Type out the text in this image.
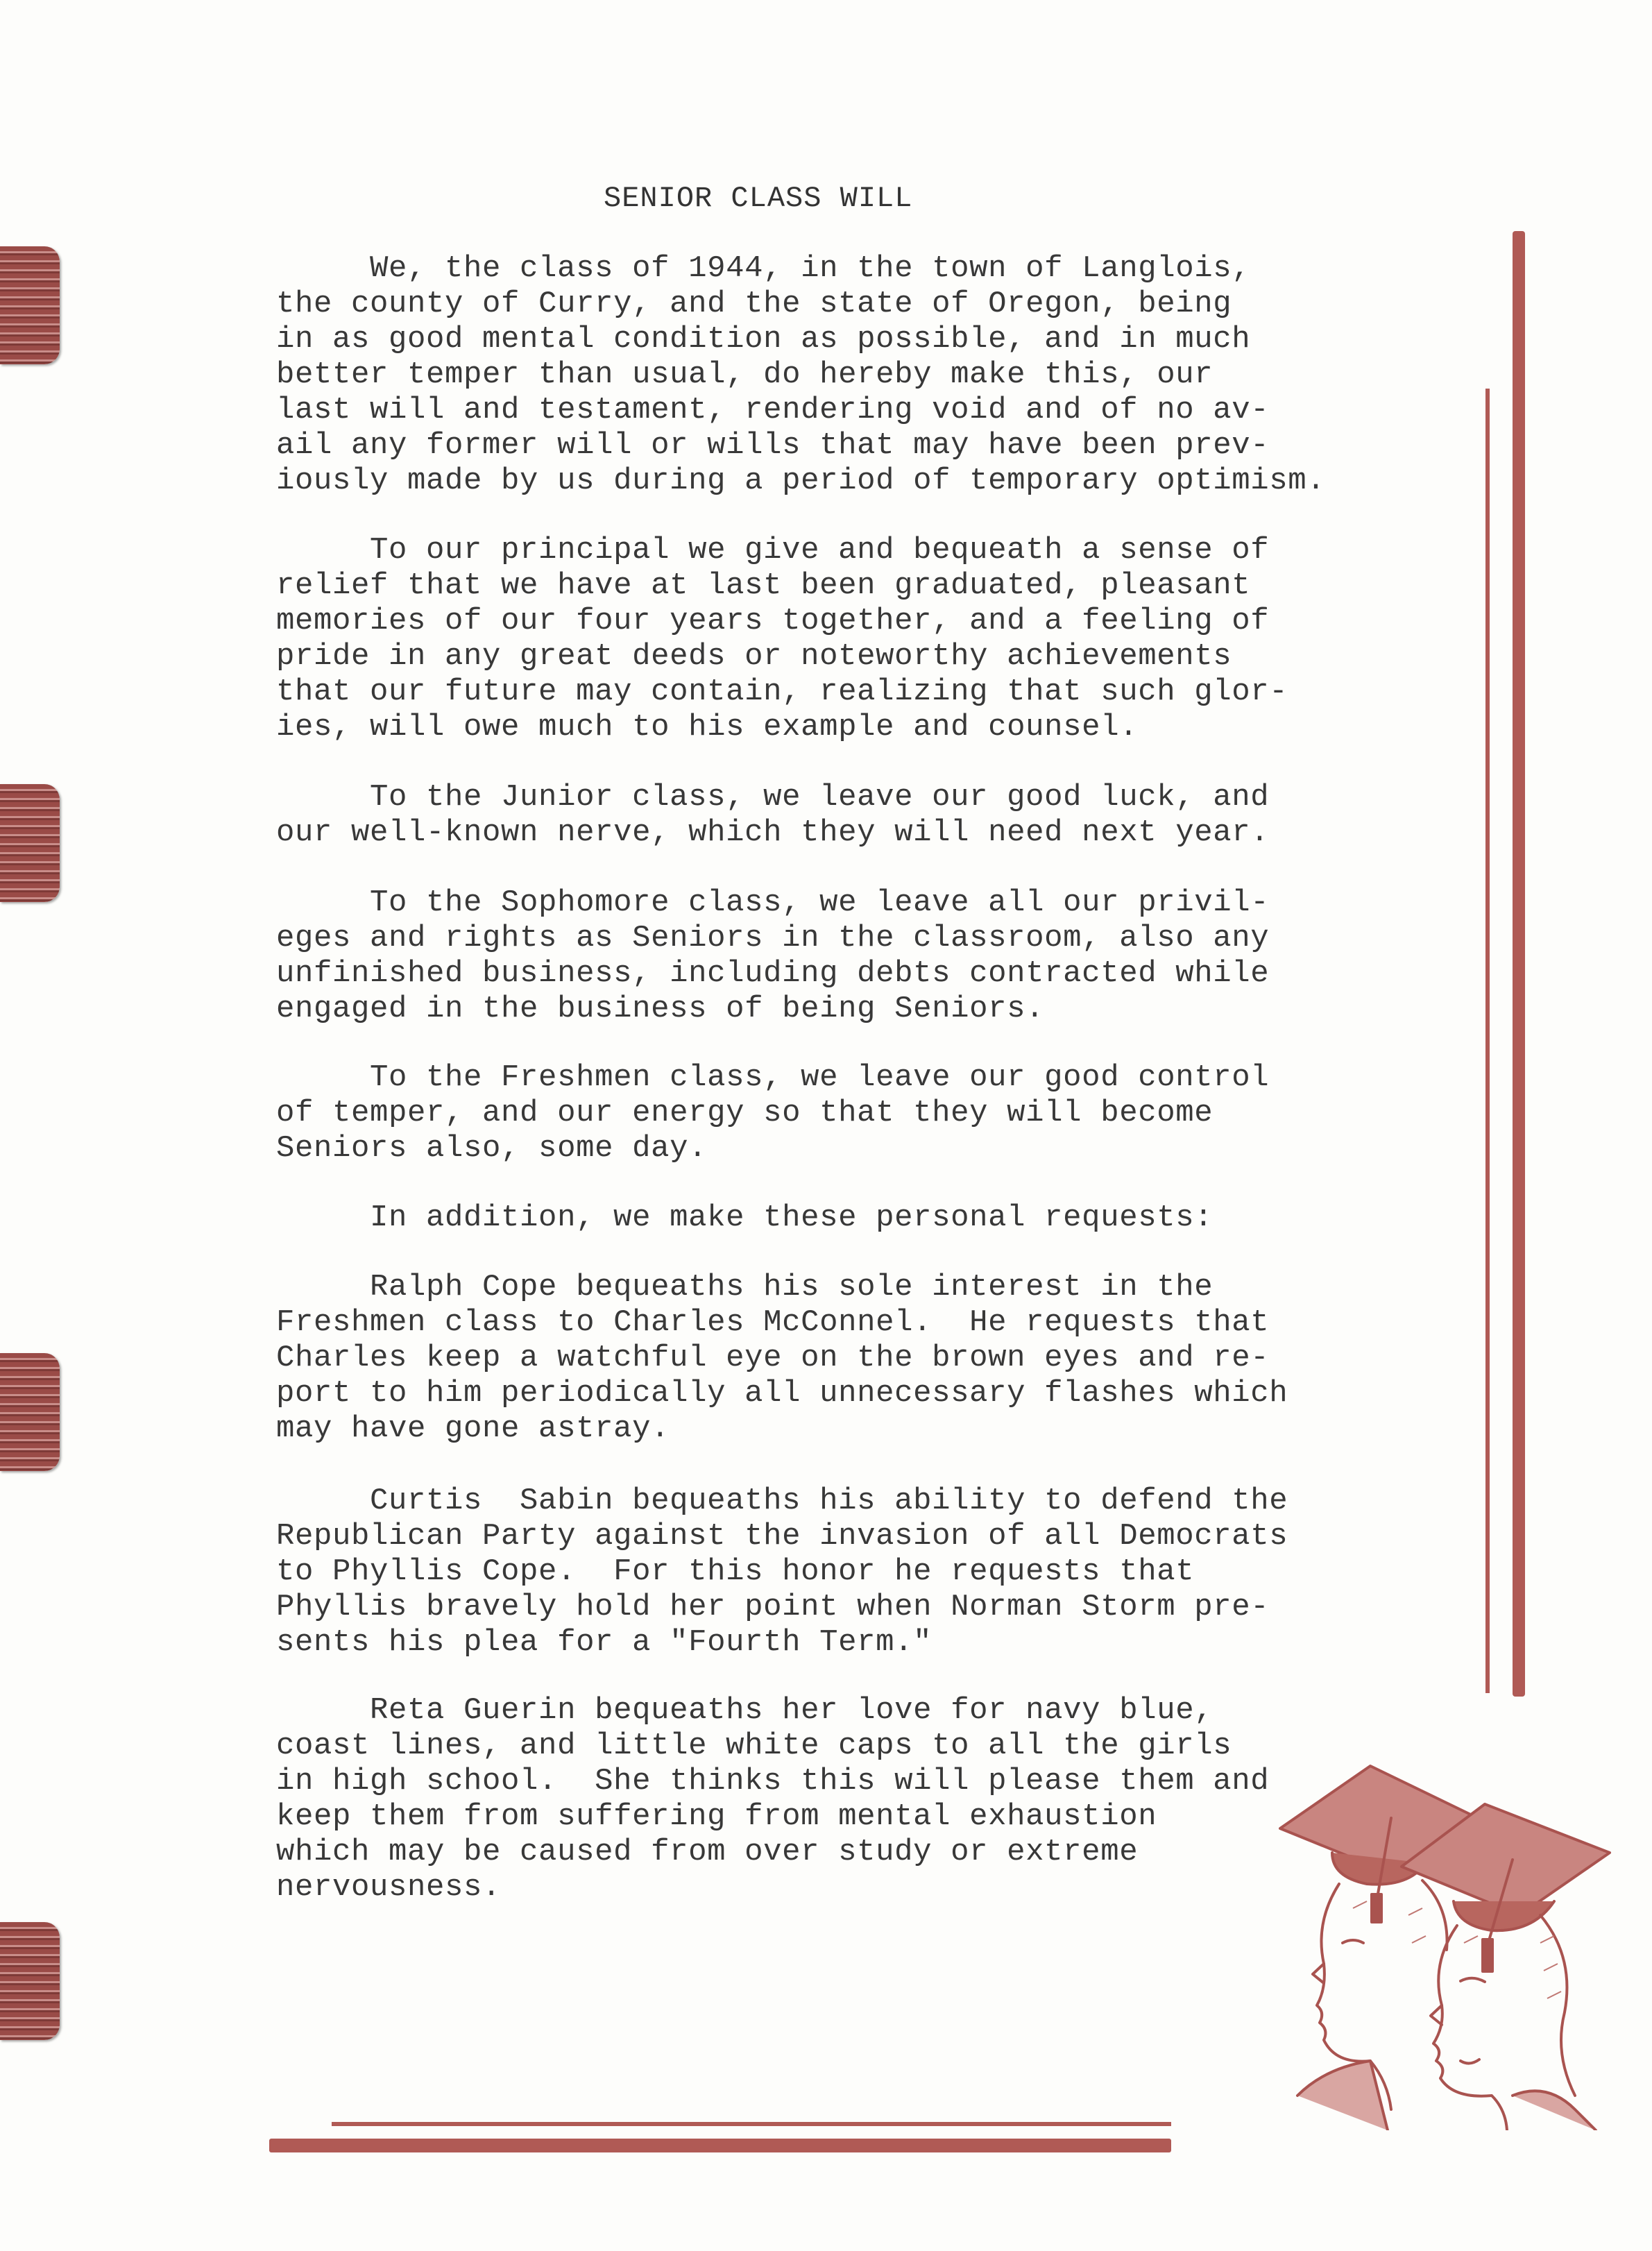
SENIOR CLASS WILL
We, the class of 1944, in the town of Langlois,
the county of Curry, and the state of Oregon, being
in as good mental condition as possible, and in much
better temper than usual, do hereby make this, our
last will and testament, rendering void and of no av-
ail any former will or wills that may have been prev-
iously made by us during a period of temporary optimism.
To our principal we give and bequeath a sense of
relief that we have at last been graduated, pleasant
memories of our four years together, and a feeling of
pride in any great deeds or noteworthy achievements
that our future may contain, realizing that such glor-
ies, will owe much to his example and counsel.
To the Junior class, we leave our good luck, and
our well-known nerve, which they will need next year.
To the Sophomore class, we leave all our privil-
eges and rights as Seniors in the classroom, also any
unfinished business, including debts contracted while
engaged in the business of being Seniors.
To the Freshmen class, we leave our good control
of temper, and our energy so that they will become
Seniors also, some day.
In addition, we make these personal requests:
Ralph Cope bequeaths his sole interest in the
Freshmen class to Charles McConnel.  He requests that
Charles keep a watchful eye on the brown eyes and re-
port to him periodically all unnecessary flashes which
may have gone astray.
Curtis  Sabin bequeaths his ability to defend the
Republican Party against the invasion of all Democrats
to Phyllis Cope.  For this honor he requests that
Phyllis bravely hold her point when Norman Storm pre-
sents his plea for a "Fourth Term."
Reta Guerin bequeaths her love for navy blue,
coast lines, and little white caps to all the girls
in high school.  She thinks this will please them and
keep them from suffering from mental exhaustion
which may be caused from over study or extreme
nervousness.
